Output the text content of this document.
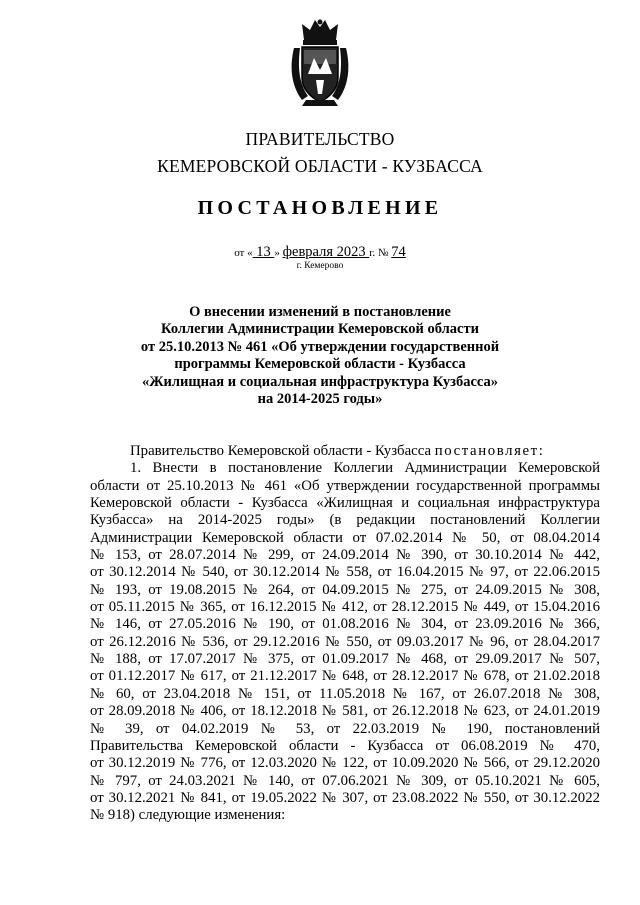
ПРАВИТЕЛЬСТВО
КЕМЕРОВСКОЙ ОБЛАСТИ - КУЗБАССА
ПОСТАНОВЛЕНИЕ
от « 13 » февраля 2023 г. № 74
г. Кемерово
О внесении изменений в постановление
Коллегии Администрации Кемеровской области
от 25.10.2013 № 461 «Об утверждении государственной
программы Кемеровской области - Кузбасса
«Жилищная и социальная инфраструктура Кузбасса»
на 2014-2025 годы»
Правительство Кемеровской области - Кузбасса постановляет:
1. Внести в постановление Коллегии Администрации Кемеровской
области от 25.10.2013 № 461 «Об утверждении государственной программы
Кемеровской области - Кузбасса «Жилищная и социальная инфраструктура
Кузбасса» на 2014-2025 годы» (в редакции постановлений Коллегии
Администрации Кемеровской области от 07.02.2014 № 50, от 08.04.2014
№ 153, от 28.07.2014 № 299, от 24.09.2014 № 390, от 30.10.2014 № 442,
от 30.12.2014 № 540, от 30.12.2014 № 558, от 16.04.2015 № 97, от 22.06.2015
№ 193, от 19.08.2015 № 264, от 04.09.2015 № 275, от 24.09.2015 № 308,
от 05.11.2015 № 365, от 16.12.2015 № 412, от 28.12.2015 № 449, от 15.04.2016
№ 146, от 27.05.2016 № 190, от 01.08.2016 № 304, от 23.09.2016 № 366,
от 26.12.2016 № 536, от 29.12.2016 № 550, от 09.03.2017 № 96, от 28.04.2017
№ 188, от 17.07.2017 № 375, от 01.09.2017 № 468, от 29.09.2017 № 507,
от 01.12.2017 № 617, от 21.12.2017 № 648, от 28.12.2017 № 678, от 21.02.2018
№ 60, от 23.04.2018 № 151, от 11.05.2018 № 167, от 26.07.2018 № 308,
от 28.09.2018 № 406, от 18.12.2018 № 581, от 26.12.2018 № 623, от 24.01.2019
№ 39, от 04.02.2019 № 53, от 22.03.2019 № 190, постановлений
Правительства Кемеровской области - Кузбасса от 06.08.2019 № 470,
от 30.12.2019 № 776, от 12.03.2020 № 122, от 10.09.2020 № 566, от 29.12.2020
№ 797, от 24.03.2021 № 140, от 07.06.2021 № 309, от 05.10.2021 № 605,
от 30.12.2021 № 841, от 19.05.2022 № 307, от 23.08.2022 № 550, от 30.12.2022
№ 918) следующие изменения:
